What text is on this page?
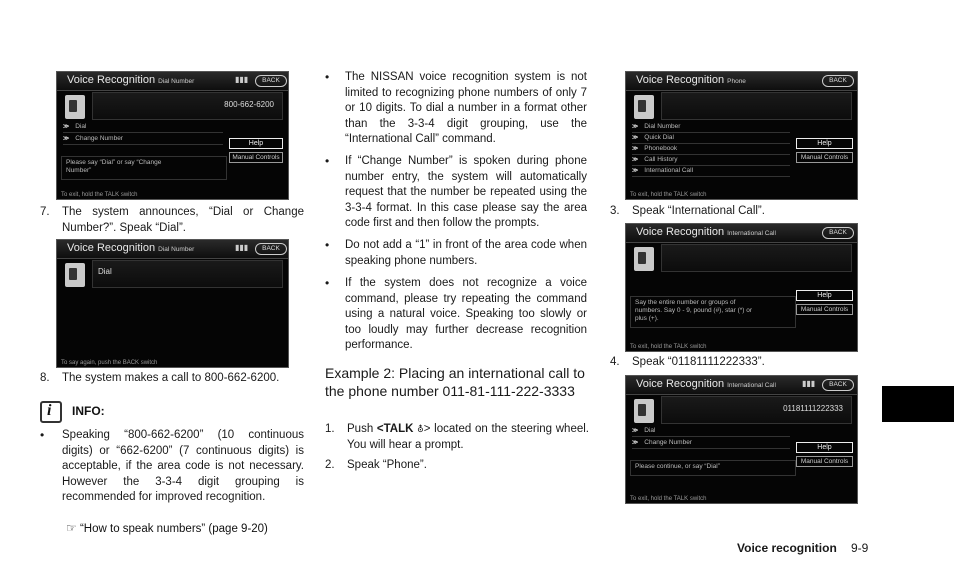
Voice Recognition Dial Number	▮▮▮	BACK
800-662-6200
≫ Dial
≫ Change Number
Help
Manual Controls
Please say “Dial” or say “Change
Number”
To exit, hold the TALK switch
7. The system announces, “Dial or Change Number?”. Speak “Dial”.
Voice Recognition Dial Number	▮▮▮	BACK
Dial
To say again, push the BACK switch
8. The system makes a call to 800-662-6200.
i
INFO:
• Speaking “800-662-6200” (10 continuous digits) or “662-6200” (7 continuous digits) is acceptable, if the area code is not necessary. However the 3-3-4 digit grouping is recommended for improved recognition.
☞ “How to speak numbers” (page 9-20)
• The NISSAN voice recognition system is not limited to recognizing phone numbers of only 7 or 10 digits. To dial a number in a format other than the 3-3-4 digit grouping, use the “International Call” command.
• If “Change Number” is spoken during phone number entry, the system will automatically request that the number be repeated using the 3-3-4 format. In this case please say the area code first and then follow the prompts.
• Do not add a “1” in front of the area code when speaking phone numbers.
• If the system does not recognize a voice command, please try repeating the command using a natural voice. Speaking too slowly or too loudly may further decrease recognition performance.
Example 2: Placing an international call to the phone number 011-81-111-222-3333
1. Push <TALK ⛢> located on the steering wheel. You will hear a prompt.
2. Speak “Phone”.
Voice Recognition Phone	BACK
≫ Dial Number
≫ Quick Dial
≫ Phonebook
≫ Call History
≫ International Call
Help
Manual Controls
To exit, hold the TALK switch
3. Speak “International Call”.
Voice Recognition International Call	BACK
Help
Manual Controls
Say the entire number or groups of
numbers. Say 0 - 9, pound (#), star (*) or
plus (+).
To exit, hold the TALK switch
4. Speak “01181111222333”.
Voice Recognition International Call	▮▮▮	BACK
01181111222333
≫ Dial
≫ Change Number
Help
Manual Controls
Please continue, or say “Dial”
To exit, hold the TALK switch
Voice recognition 9-9
